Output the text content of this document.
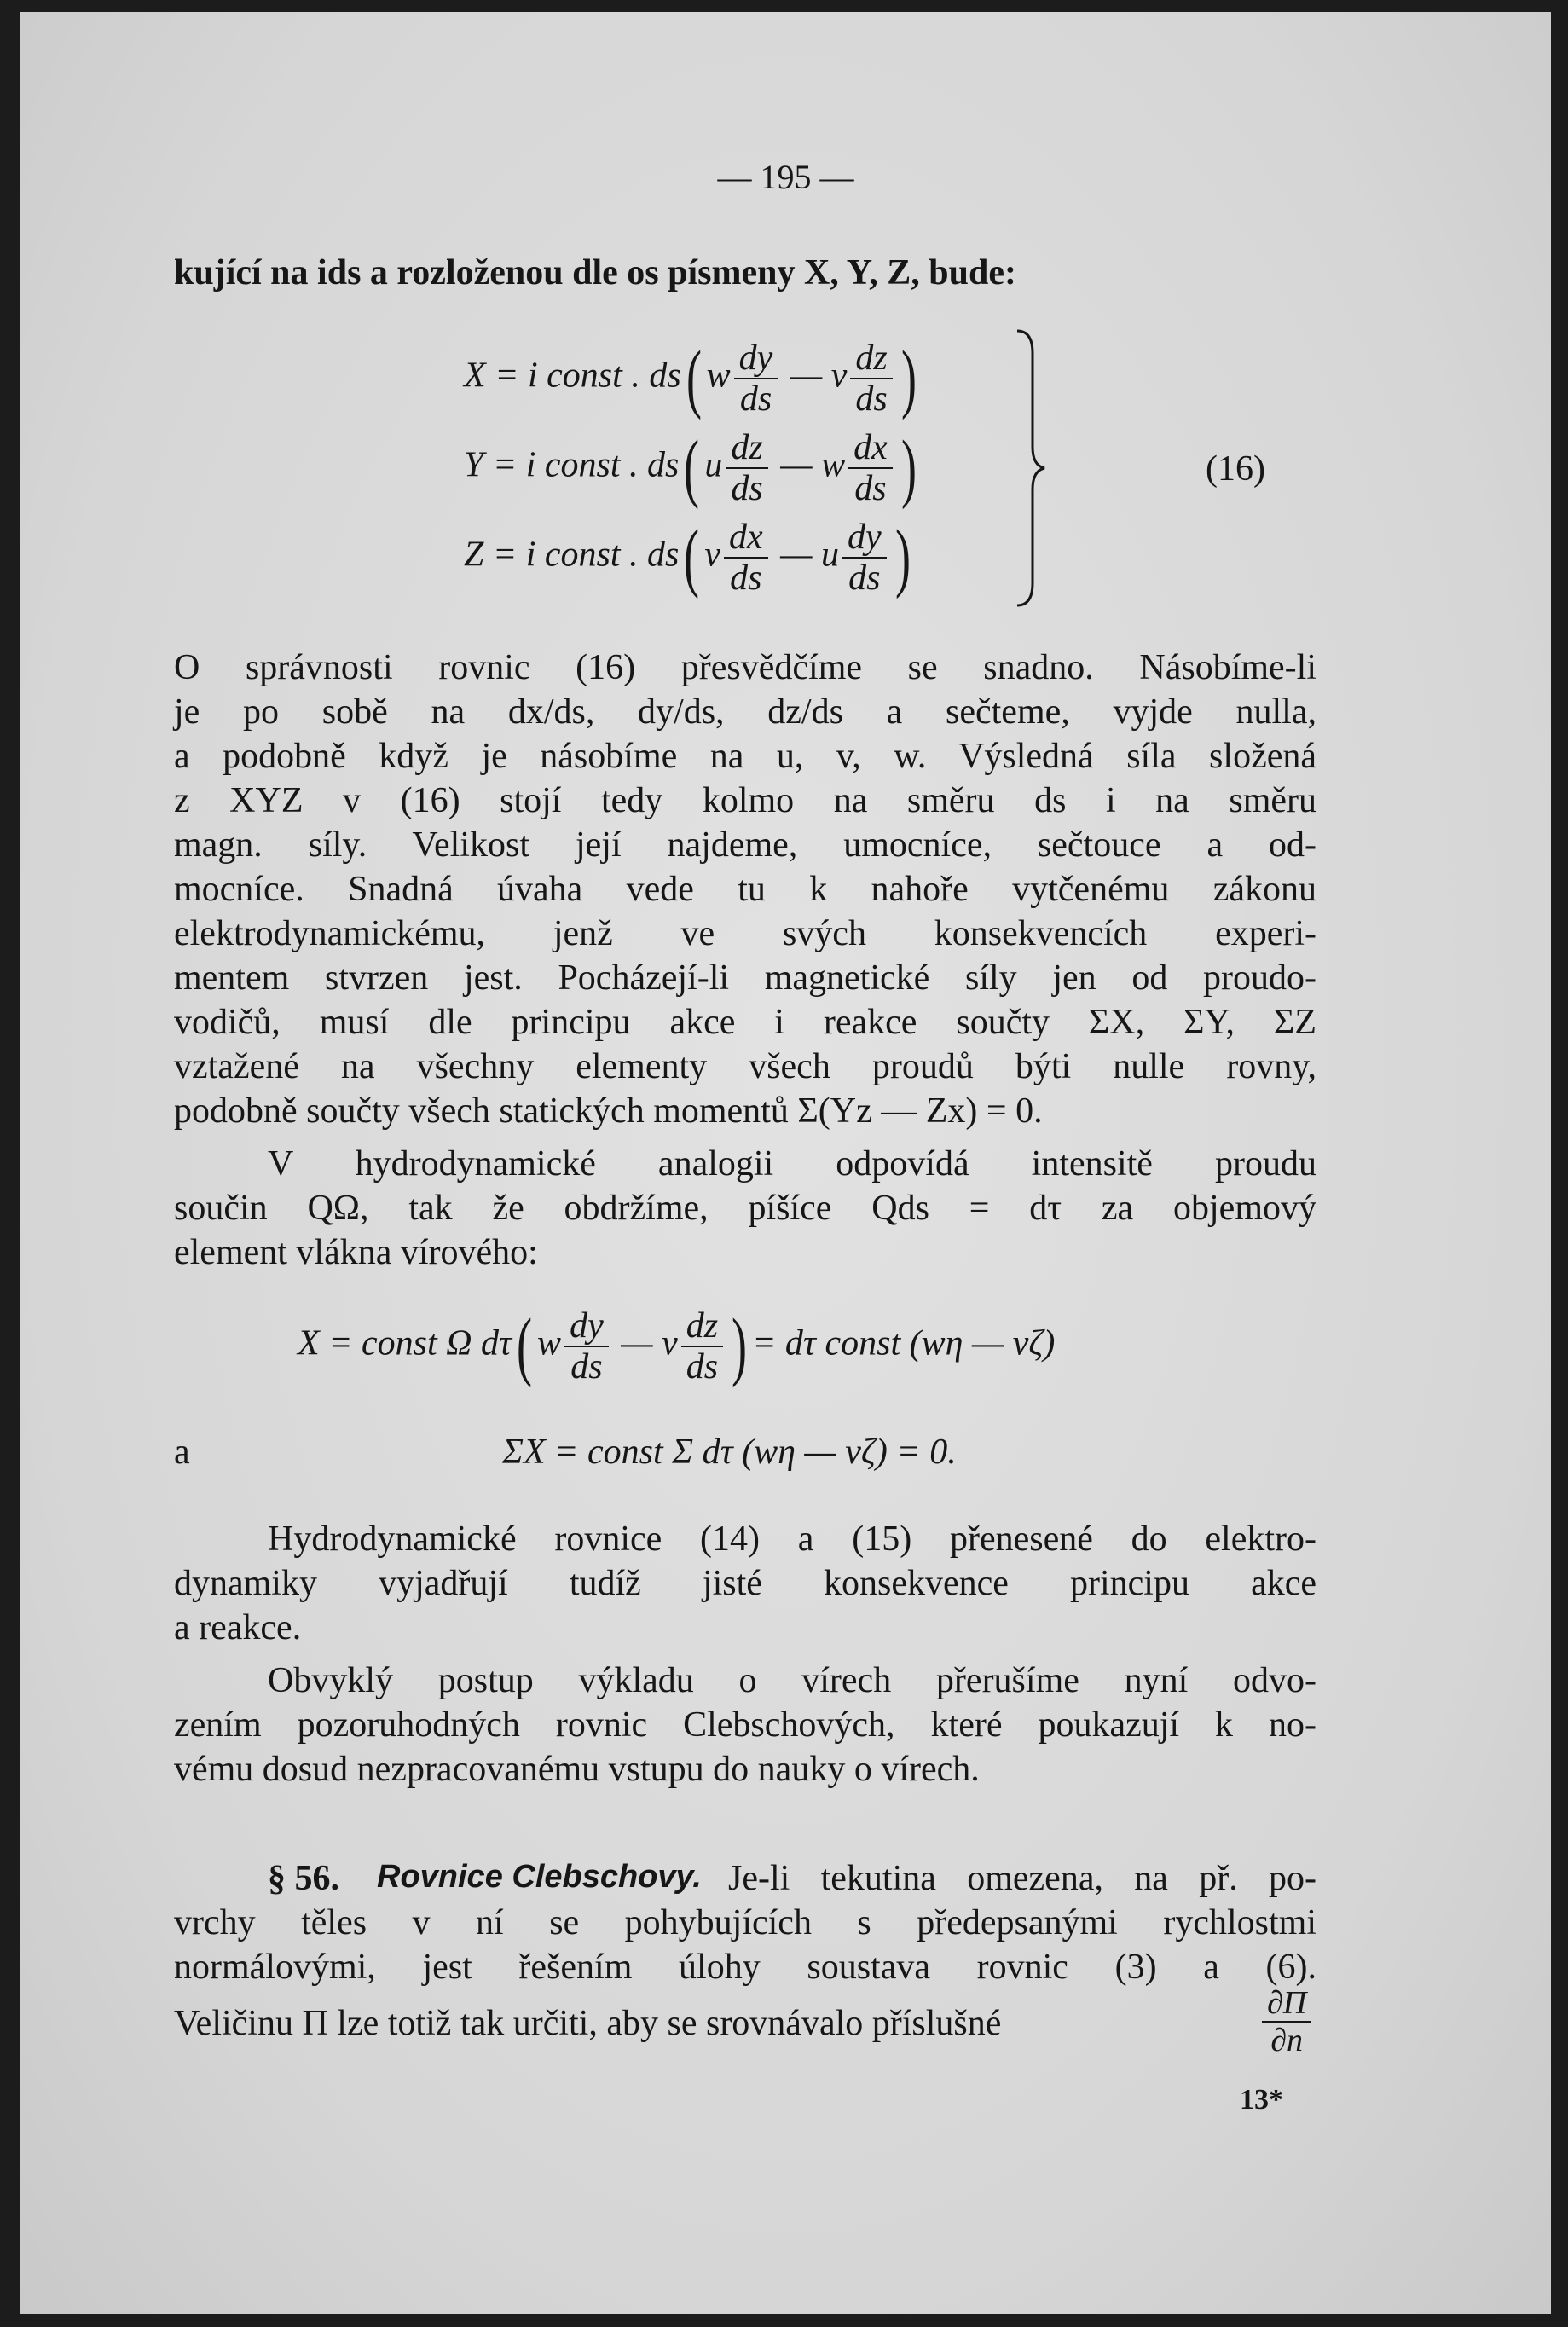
— 195 —
kující na ids a rozloženou dle os písmeny X, Y, Z, bude:
X = i const . ds( w $\frac{dy}{ds}$ — v $\frac{dz}{ds}$ )
Y = i const . ds( u $\frac{dz}{ds}$ — w $\frac{dx}{ds}$ )
Z = i const . ds( v $\frac{dx}{ds}$ — u $\frac{dy}{ds}$ )
(16)
O správnosti rovnic (16) přesvědčíme se snadno. Násobíme-li
je po sobě na dx/ds, dy/ds, dz/ds a sečteme, vyjde nulla,
a podobně když je násobíme na u, v, w. Výsledná síla složená
z XYZ v (16) stojí tedy kolmo na směru ds i na směru
magn. síly. Velikost její najdeme, umocníce, sečtouce a od-
mocníce. Snadná úvaha vede tu k nahoře vytčenému zákonu
elektrodynamickému, jenž ve svých konsekvencích experi-
mentem stvrzen jest. Pocházejí-li magnetické síly jen od proudo-
vodičů, musí dle principu akce i reakce součty ΣX, ΣY, ΣZ
vztažené na všechny elementy všech proudů býti nulle rovny,
podobně součty všech statických momentů Σ(Yz — Zx) = 0.
V hydrodynamické analogii odpovídá intensitě proudu
součin QΩ, tak že obdržíme, píšíce Qds = dτ za objemový
element vlákna vírového:
X = const Ω dτ( w $\frac{dy}{ds}$ — v $\frac{dz}{ds}$ ) = dτ const (wη — vζ)
a	ΣX = const Σ dτ (wη — vζ) = 0.
Hydrodynamické rovnice (14) a (15) přenesené do elektro-
dynamiky vyjadřují tudíž jisté konsekvence principu akce
a reakce.
Obvyklý postup výkladu o vírech přerušíme nyní odvo-
zením pozoruhodných rovnic Clebschových, které poukazují k no-
vému dosud nezpracovanému vstupu do nauky o vírech.
§ 56. Rovnice Clebschovy. Je-li tekutina omezena, na př. po-
vrchy těles v ní se pohybujících s předepsanými rychlostmi
normálovými, jest řešením úlohy soustava rovnic (3) a (6).
Veličinu Π lze totiž tak určiti, aby se srovnávalo příslušné	$\frac{\partial\Pi}{\partial n}$
13*
